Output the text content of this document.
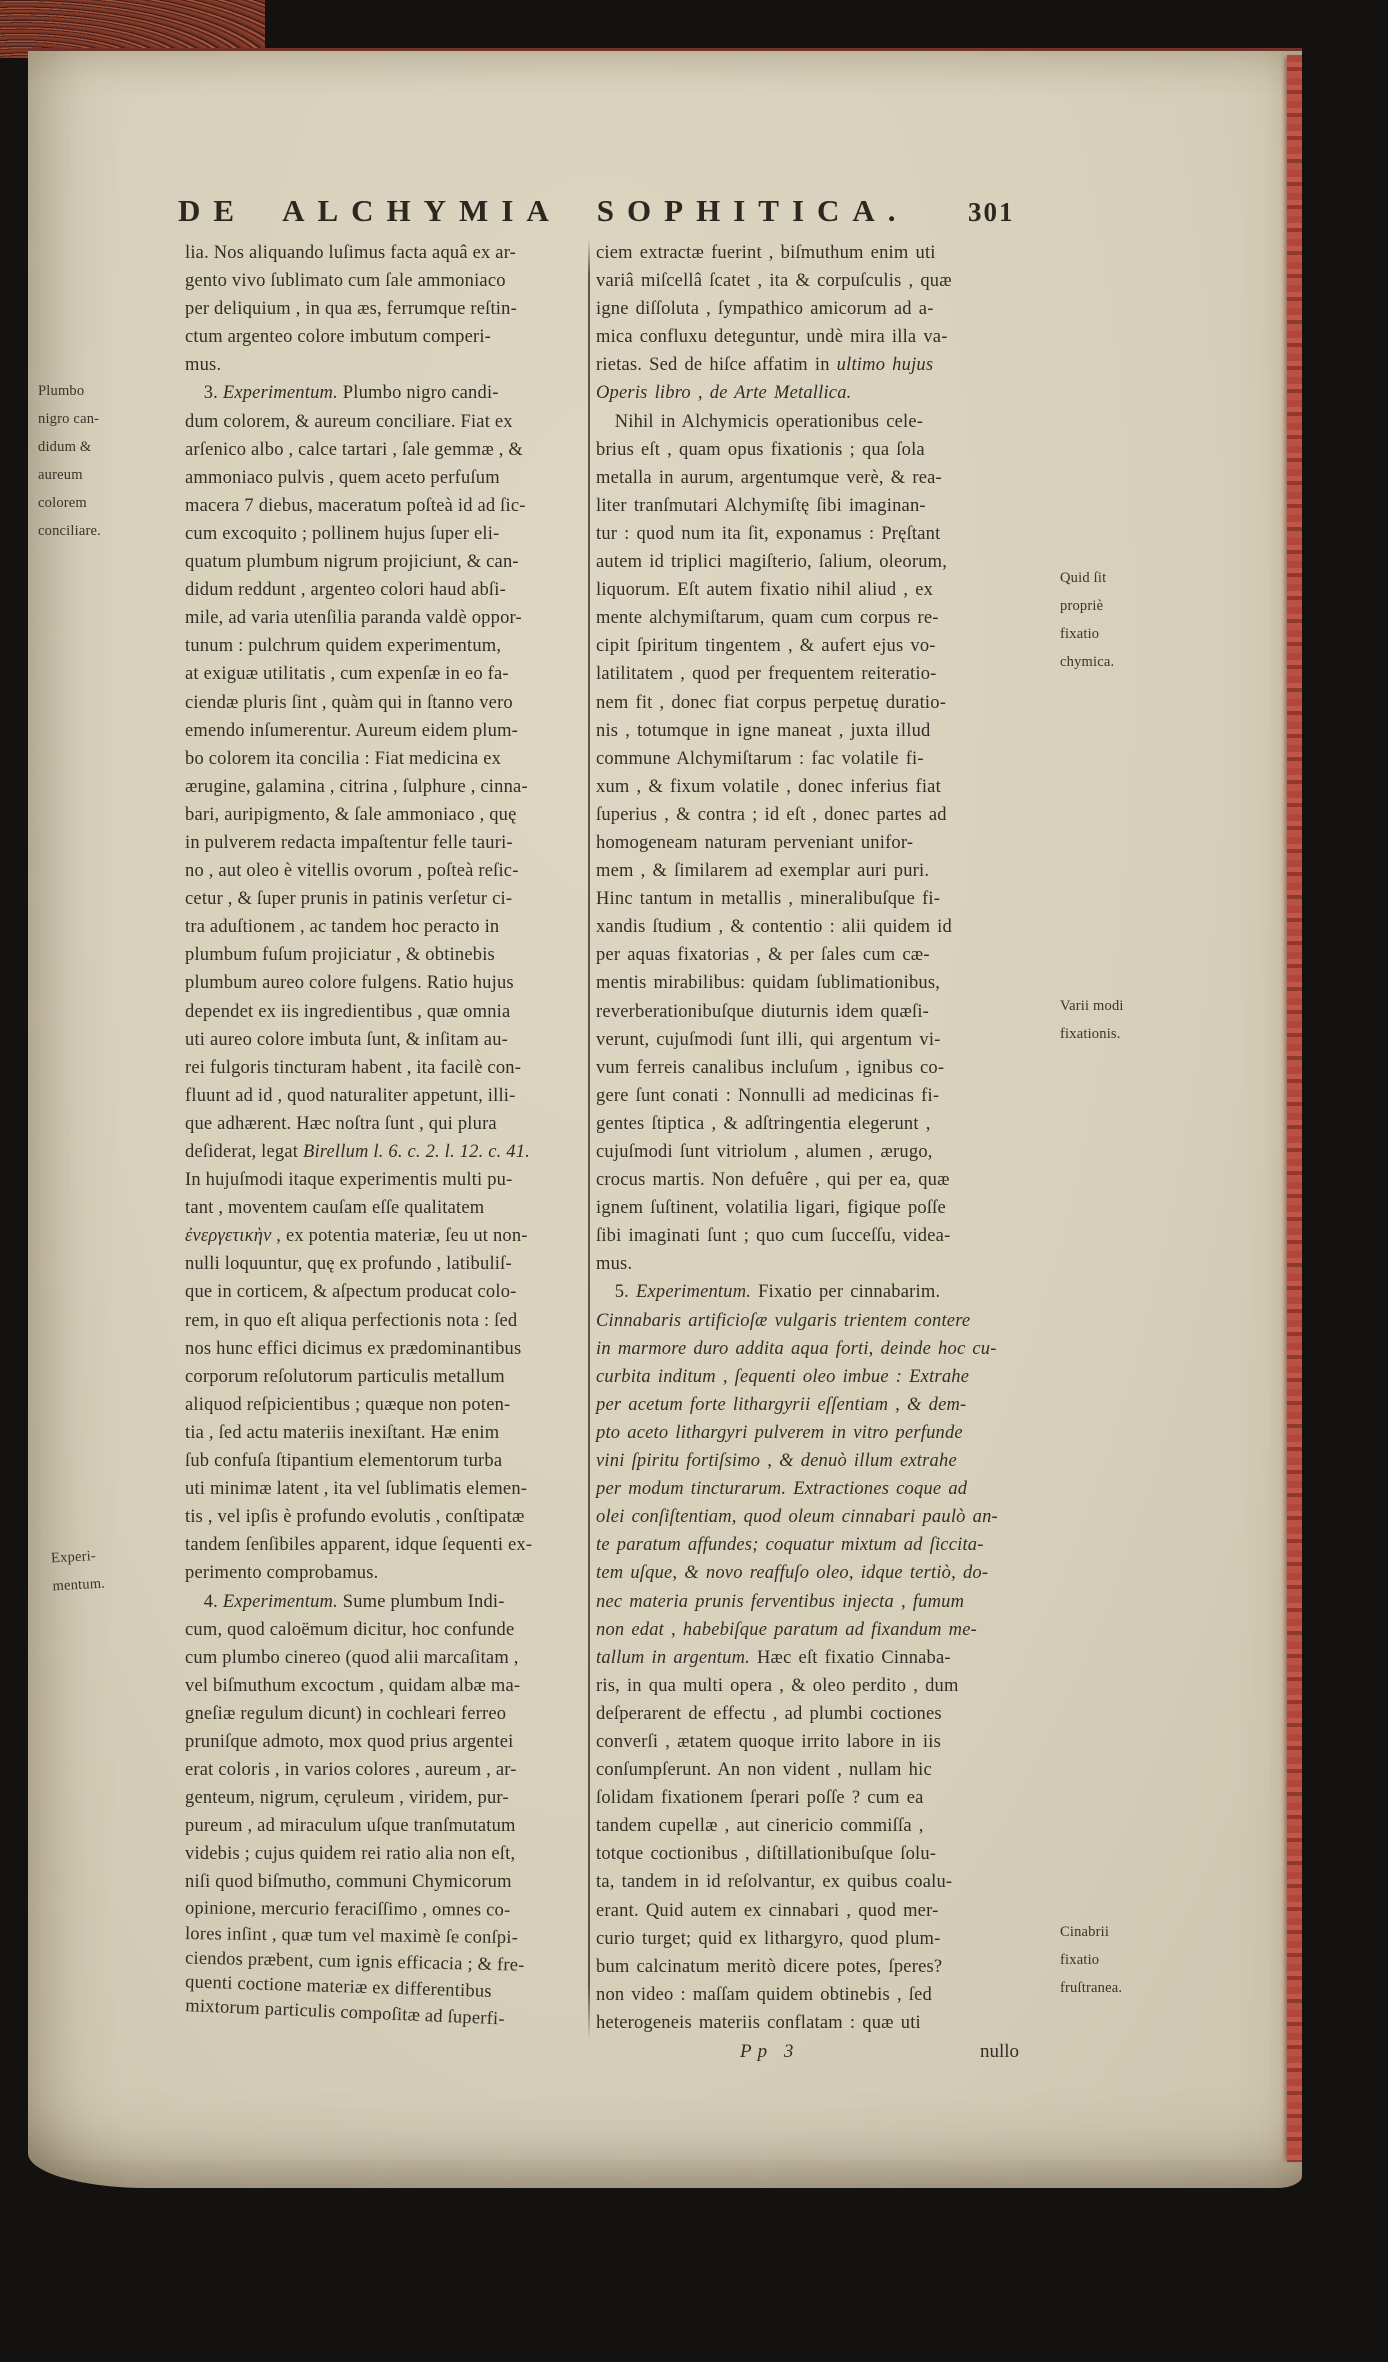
DE ALCHYMIA SOPHITICA. 301
lia. Nos aliquando luſimus facta aquâ ex ar-
gento vivo ſublimato cum ſale ammoniaco
per deliquium , in qua æs, ferrumque reſtin-
ctum argenteo colore imbutum comperi-
mus.
 3. Experimentum. Plumbo nigro candi-
dum colorem, & aureum conciliare. Fiat ex
arſenico albo , calce tartari , ſale gemmæ , &
ammoniaco pulvis , quem aceto perfuſum
macera 7 diebus, maceratum poſteà id ad ſic-
cum excoquito ; pollinem hujus ſuper eli-
quatum plumbum nigrum projiciunt, & can-
didum reddunt , argenteo colori haud abſi-
mile, ad varia utenſilia paranda valdè oppor-
tunum : pulchrum quidem experimentum,
at exiguæ utilitatis , cum expenſæ in eo fa-
ciendæ pluris ſint , quàm qui in ſtanno vero
emendo inſumerentur. Aureum eidem plum-
bo colorem ita concilia : Fiat medicina ex
ærugine, galamina , citrina , ſulphure , cinna-
bari, auripigmento, & ſale ammoniaco , quę
in pulverem redacta impaſtentur felle tauri-
no , aut oleo è vitellis ovorum , poſteà reſic-
cetur , & ſuper prunis in patinis verſetur ci-
tra aduſtionem , ac tandem hoc peracto in
plumbum fuſum projiciatur , & obtinebis
plumbum aureo colore fulgens. Ratio hujus
dependet ex iis ingredientibus , quæ omnia
uti aureo colore imbuta ſunt, & inſitam au-
rei fulgoris tincturam habent , ita facilè con-
fluunt ad id , quod naturaliter appetunt, illi-
que adhærent. Hæc noſtra ſunt , qui plura
deſiderat, legat Birellum l. 6. c. 2. l. 12. c. 41.
In hujuſmodi itaque experimentis multi pu-
tant , moventem cauſam eſſe qualitatem
ἐνεργετικὴν , ex potentia materiæ, ſeu ut non-
nulli loquuntur, quę ex profundo , latibuliſ-
que in corticem, & aſpectum producat colo-
rem, in quo eſt aliqua perfectionis nota : ſed
nos hunc effici dicimus ex prædominantibus
corporum reſolutorum particulis metallum
aliquod reſpicientibus ; quæque non poten-
tia , ſed actu materiis inexiſtant. Hæ enim
ſub confuſa ſtipantium elementorum turba
uti minimæ latent , ita vel ſublimatis elemen-
tis , vel ipſis è profundo evolutis , conſtipatæ
tandem ſenſibiles apparent, idque ſequenti ex-
perimento comprobamus.
 4. Experimentum. Sume plumbum Indi-
cum, quod caloëmum dicitur, hoc confunde
cum plumbo cinereo (quod alii marcaſitam ,
vel biſmuthum excoctum , quidam albæ ma-
gneſiæ regulum dicunt) in cochleari ferreo
pruniſque admoto, mox quod prius argentei
erat coloris , in varios colores , aureum , ar-
genteum, nigrum, cęruleum , viridem, pur-
pureum , ad miraculum uſque tranſmutatum
videbis ; cujus quidem rei ratio alia non eſt,
niſi quod biſmutho, communi Chymicorum
opinione, mercurio feraciſſimo , omnes co-
lores inſint , quæ tum vel maximè ſe conſpi-
ciendos præbent, cum ignis efficacia ; & fre-
quenti coctione materiæ ex differentibus
mixtorum particulis compoſitæ ad ſuperfi-
ciem extractæ fuerint , biſmuthum enim uti
variâ miſcellâ ſcatet , ita & corpuſculis , quæ
igne diſſoluta , ſympathico amicorum ad a-
mica confluxu deteguntur, undè mira illa va-
rietas. Sed de hiſce affatim in ultimo hujus
Operis libro , de Arte Metallica.
 Nihil in Alchymicis operationibus cele-
brius eſt , quam opus fixationis ; qua ſola
metalla in aurum, argentumque verè, & rea-
liter tranſmutari Alchymiſtę ſibi imaginan-
tur : quod num ita ſit, exponamus : Pręſtant
autem id triplici magiſterio, ſalium, oleorum,
liquorum. Eſt autem fixatio nihil aliud , ex
mente alchymiſtarum, quam cum corpus re-
cipit ſpiritum tingentem , & aufert ejus vo-
latilitatem , quod per frequentem reiteratio-
nem fit , donec fiat corpus perpetuę duratio-
nis , totumque in igne maneat , juxta illud
commune Alchymiſtarum : fac volatile fi-
xum , & fixum volatile , donec inferius fiat
ſuperius , & contra ; id eſt , donec partes ad
homogeneam naturam perveniant unifor-
mem , & ſimilarem ad exemplar auri puri.
Hinc tantum in metallis , mineralibuſque fi-
xandis ſtudium , & contentio : alii quidem id
per aquas fixatorias , & per ſales cum cæ-
mentis mirabilibus: quidam ſublimationibus,
reverberationibuſque diuturnis idem quæſi-
verunt, cujuſmodi ſunt illi, qui argentum vi-
vum ferreis canalibus incluſum , ignibus co-
gere ſunt conati : Nonnulli ad medicinas fi-
gentes ſtiptica , & adſtringentia elegerunt ,
cujuſmodi ſunt vitriolum , alumen , ærugo,
crocus martis. Non defuêre , qui per ea, quæ
ignem ſuſtinent, volatilia ligari, figique poſſe
ſibi imaginati ſunt ; quo cum ſucceſſu, videa-
mus.
 5. Experimentum. Fixatio per cinnabarim.
Cinnabaris artificioſæ vulgaris trientem contere
in marmore duro addita aqua forti, deinde hoc cu-
curbita inditum , ſequenti oleo imbue : Extrahe
per acetum forte lithargyrii eſſentiam , & dem-
pto aceto lithargyri pulverem in vitro perfunde
vini ſpiritu fortiſsimo , & denuò illum extrahe
per modum tincturarum. Extractiones coque ad
olei conſiſtentiam, quod oleum cinnabari paulò an-
te paratum affundes; coquatur mixtum ad ſiccita-
tem uſque, & novo reaffuſo oleo, idque tertiò, do-
nec materia prunis ferventibus injecta , fumum
non edat , habebiſque paratum ad fixandum me-
tallum in argentum. Hæc eſt fixatio Cinnaba-
ris, in qua multi opera , & oleo perdito , dum
deſperarent de effectu , ad plumbi coctiones
converſi , ætatem quoque irrito labore in iis
conſumpſerunt. An non vident , nullam hic
ſolidam fixationem ſperari poſſe ? cum ea
tandem cupellæ , aut cinericio commiſſa ,
totque coctionibus , diſtillationibuſque ſolu-
ta, tandem in id reſolvantur, ex quibus coalu-
erant. Quid autem ex cinnabari , quod mer-
curio turget; quid ex lithargyro, quod plum-
bum calcinatum meritò dicere potes, ſperes?
non video : maſſam quidem obtinebis , ſed
heterogeneis materiis conflatam : quæ uti
Plumbo
nigro can-
didum &
aureum
colorem
conciliare.
Experi-
mentum.
Quid ſit
propriè
fixatio
chymica.
Varii modi
fixationis.
Cinabrii
fixatio
fruſtranea.
Pp 3	nullo
